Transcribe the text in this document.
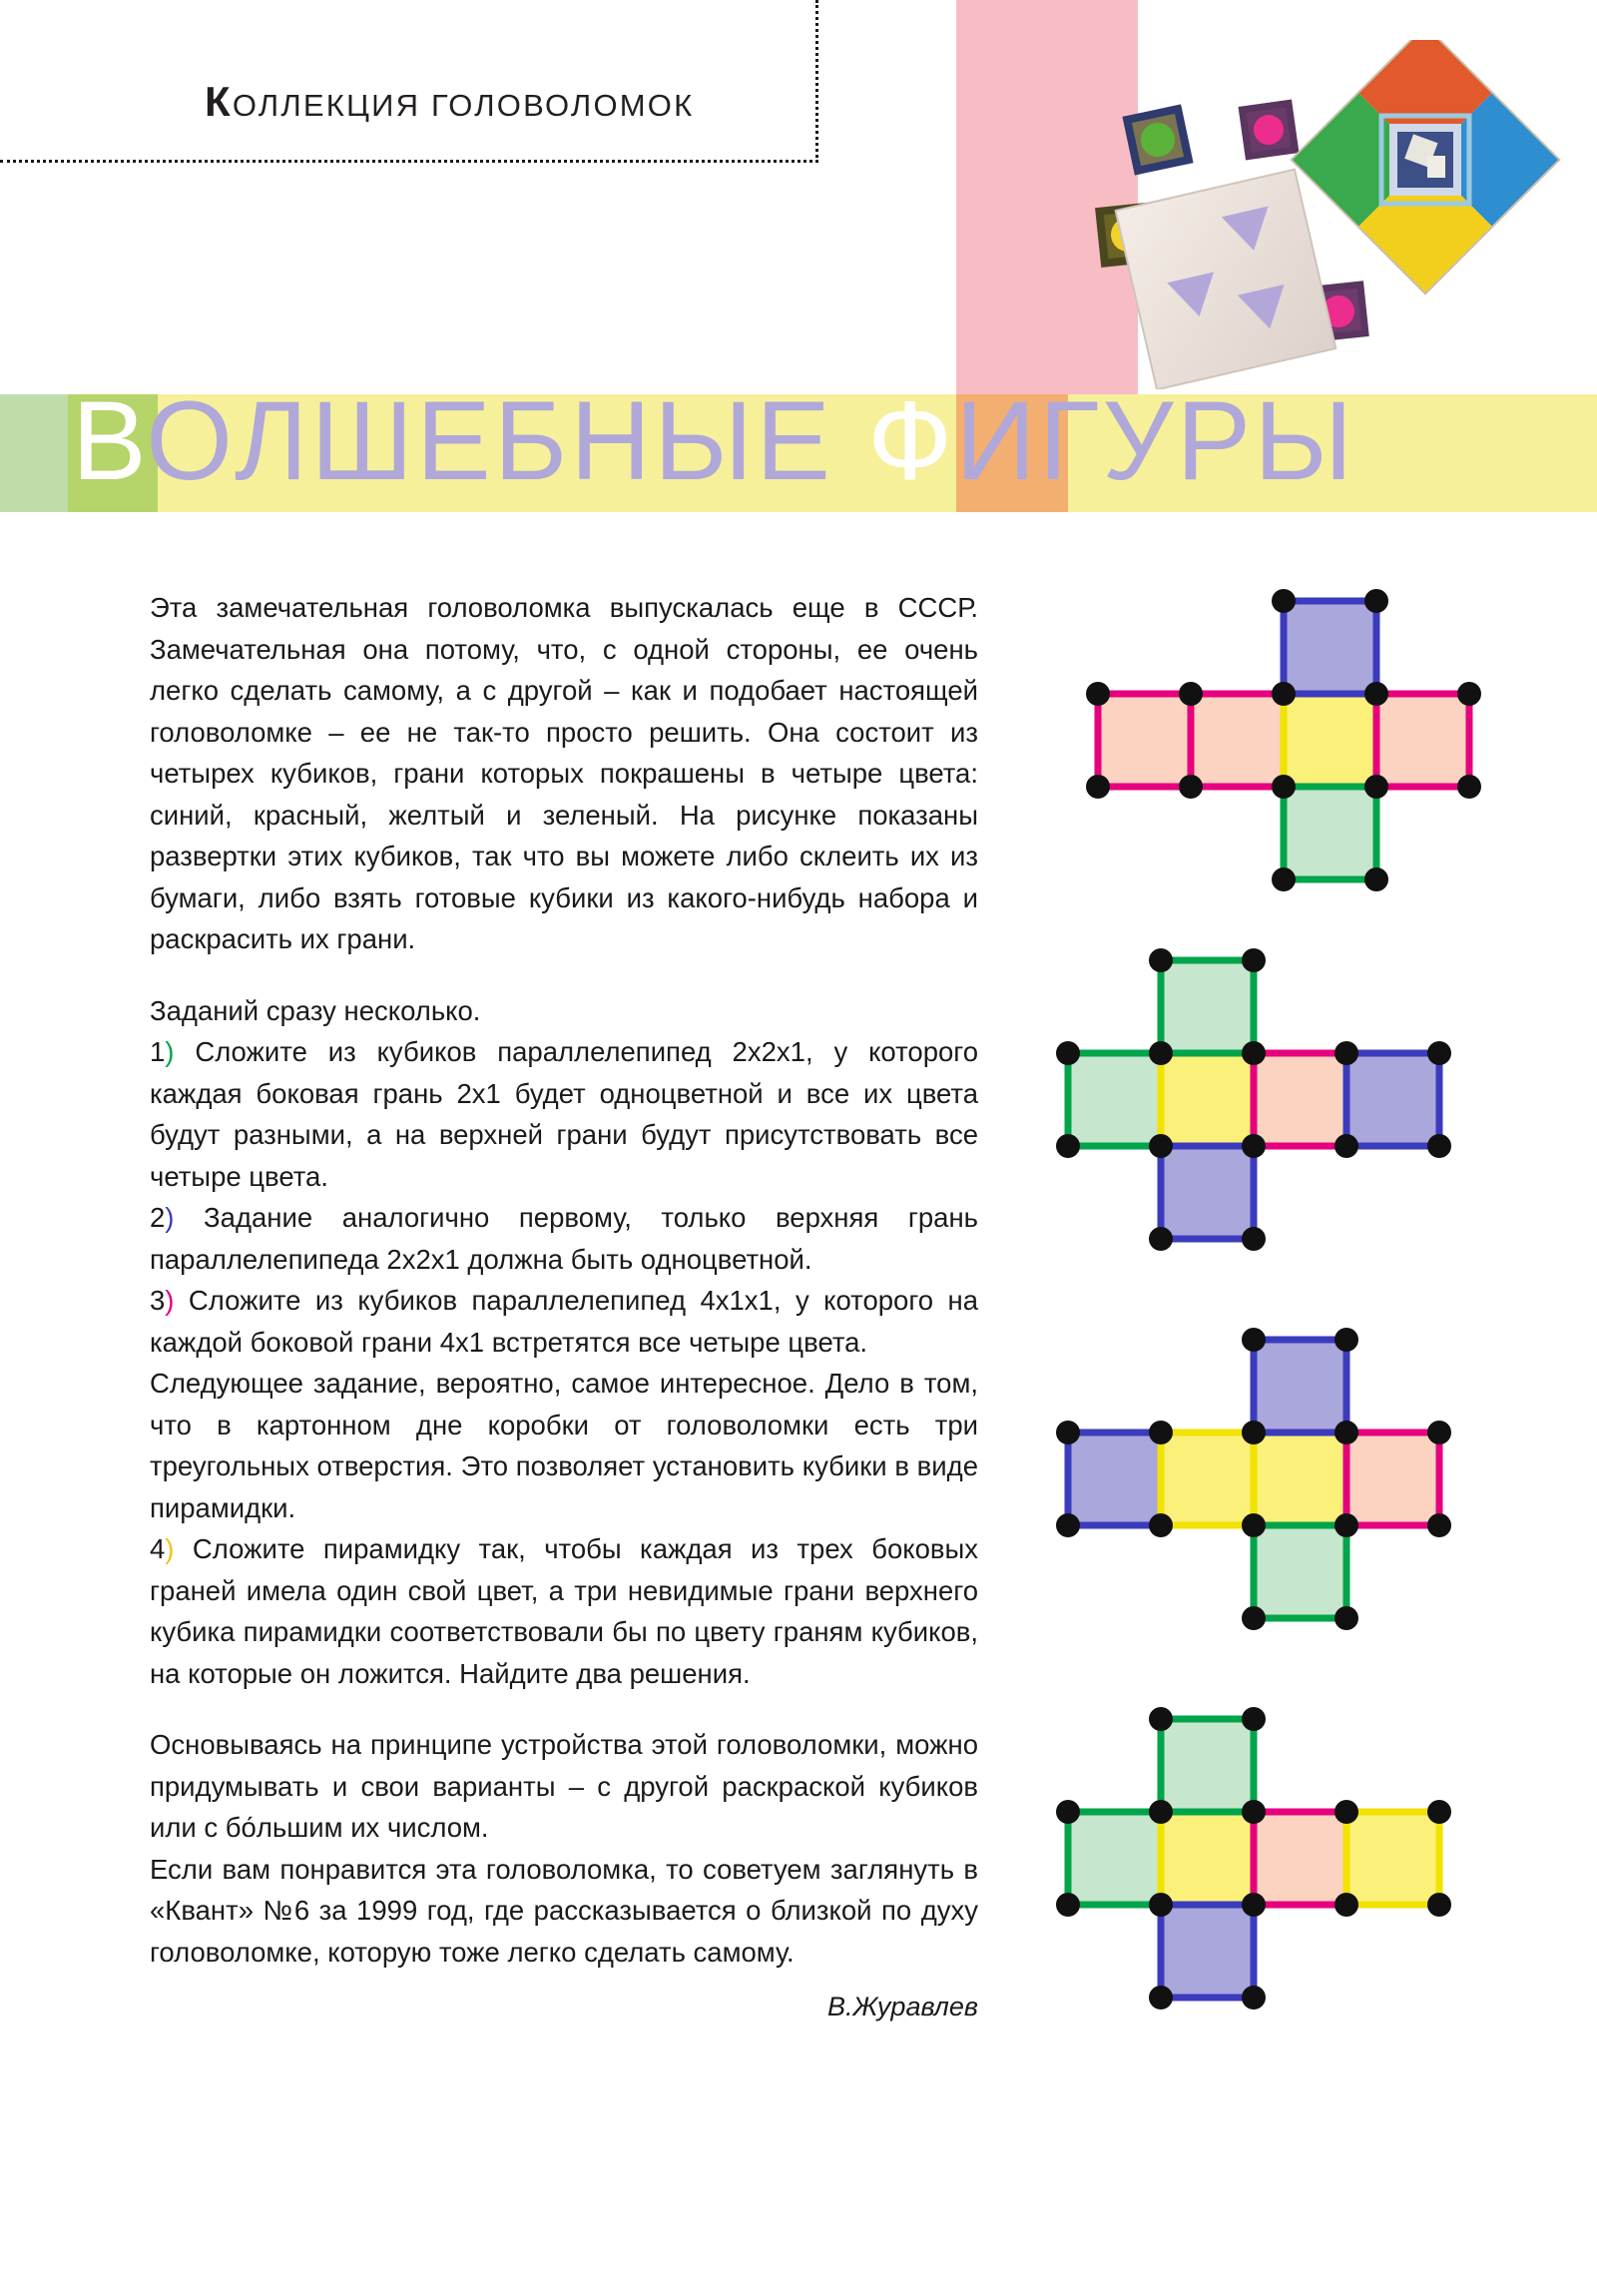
КОЛЛЕКЦИЯ ГОЛОВОЛОМОК
ВОЛШЕБНЫЕ ФИГУРЫ

Эта замечательная головоломка выпускалась еще в СССР. Замечательная она потому, что, с одной стороны, ее очень легко сделать самому, а с другой – как и подобает настоящей головоломке – ее не так-то просто решить. Она состоит из четырех кубиков, грани которых покрашены в четыре цвета: синий, красный, желтый и зеленый. На рисунке показаны развертки этих кубиков, так что вы можете либо склеить их из бумаги, либо взять готовые кубики из какого-нибудь набора и раскрасить их грани.

Заданий сразу несколько.

1) Сложите из кубиков параллелепипед 2х2х1, у которого каждая боковая грань 2х1 будет одноцветной и все их цвета будут разными, а на верхней грани будут присутствовать все четыре цвета.

2) Задание аналогично первому, только верхняя грань параллелепипеда 2х2х1 должна быть одноцветной.

3) Сложите из кубиков параллелепипед 4х1х1, у которого на каждой боковой грани 4х1 встретятся все четыре цвета.

Следующее задание, вероятно, самое интересное. Дело в том, что в картонном дне коробки от головоломки есть три треугольных отверстия. Это позволяет установить кубики в виде пирамидки.

4) Сложите пирамидку так, чтобы каждая из трех боковых граней имела один свой цвет, а три невидимые грани верхнего кубика пирамидки соответствовали бы по цвету граням кубиков, на которые он ложится. Найдите два решения.

Основываясь на принципе устройства этой головоломки, можно придумывать и свои варианты – с другой раскраской кубиков или с бо́льшим их числом.

Если вам понравится эта головоломка, то советуем заглянуть в «Квант» №6 за 1999 год, где рассказывается о близкой по духу головоломке, которую тоже легко сделать самому.

В.Журавлев
